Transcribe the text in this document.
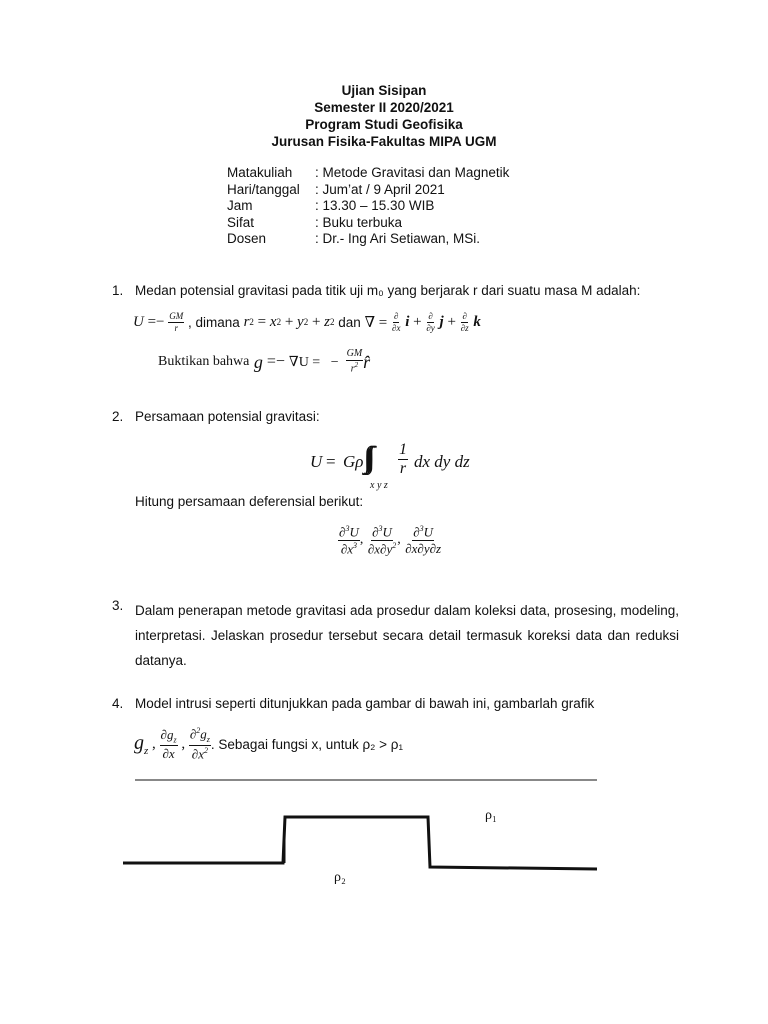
Ujian Sisipan
Semester II 2020/2021
Program Studi Geofisika
Jurusan Fisika-Fakultas MIPA UGM
Matakuliah	: Metode Gravitasi dan Magnetik
Hari/tanggal	: Jum’at / 9 April 2021
Jam	: 13.30 – 15.30 WIB
Sifat	: Buku terbuka
Dosen	: Dr.- Ing Ari Setiawan, MSi.
1. Medan potensial gravitasi pada titik uji m₀ yang berjarak r dari suatu masa M adalah:
$U =- \frac{GM}{r}$
, dimana
r 2 = x 2 + y 2 + z 2
dan ∇ = $\frac{\partial}{\partial x}$ $i + \frac{\partial}{\partial y}$ $j + \frac{\partial}{\partial z}$ k
Buktikan bahwa g =− ∇U =   − $\frac{GM}{r^2}$ r̂
2. Persamaan potensial gravitasi:
U = Gρ
x y z
$\frac{1}{r}$ dx dy dz
Hitung persamaan deferensial berikut:
$\frac{\partial^3U}{\partial x^3}$ , $\frac{\partial^3U}{\partial x\partial y^2}$ , $\frac{\partial^3U}{\partial x\partial y\partial z}$
3. Dalam penerapan metode gravitasi ada prosedur dalam koleksi data, prosesing, modeling, interpretasi. Jelaskan prosedur tersebut secara detail termasuk koreksi data dan reduksi datanya.
4. Model intrusi seperti ditunjukkan pada gambar di bawah ini, gambarlah grafik
$g_z$ , $\frac{\partial g_z}{\partial x}$ , $\frac{\partial^2g_z}{\partial x^2}$ . Sebagai fungsi x, untuk ρ₂ > ρ₁
ρ₁
ρ₂
